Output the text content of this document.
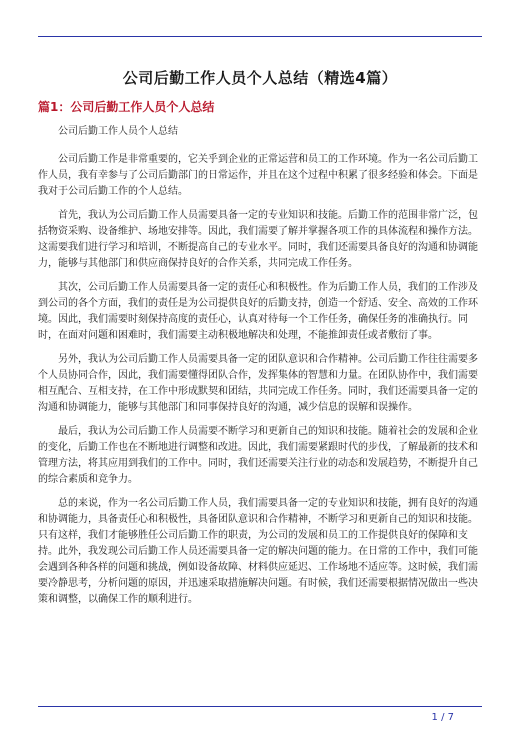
公司后勤工作人员个人总结（精选4篇）
篇1：公司后勤工作人员个人总结

公司后勤工作人员个人总结

公司后勤工作是非常重要的，它关乎到企业的正常运营和员工的工作环境。作为一名公司后勤工作人员，我有幸参与了公司后勤部门的日常运作，并且在这个过程中积累了很多经验和体会。下面是我对于公司后勤工作的个人总结。

首先，我认为公司后勤工作人员需要具备一定的专业知识和技能。后勤工作的范围非常广泛，包括物资采购、设备维护、场地安排等。因此，我们需要了解并掌握各项工作的具体流程和操作方法。这需要我们进行学习和培训，不断提高自己的专业水平。同时，我们还需要具备良好的沟通和协调能力，能够与其他部门和供应商保持良好的合作关系，共同完成工作任务。

其次，公司后勤工作人员需要具备一定的责任心和积极性。作为后勤工作人员，我们的工作涉及到公司的各个方面，我们的责任是为公司提供良好的后勤支持，创造一个舒适、安全、高效的工作环境。因此，我们需要时刻保持高度的责任心，认真对待每一个工作任务，确保任务的准确执行。同时，在面对问题和困难时，我们需要主动积极地解决和处理，不能推卸责任或者敷衍了事。

另外，我认为公司后勤工作人员需要具备一定的团队意识和合作精神。公司后勤工作往往需要多个人员协同合作，因此，我们需要懂得团队合作，发挥集体的智慧和力量。在团队协作中，我们需要相互配合、互相支持，在工作中形成默契和团结，共同完成工作任务。同时，我们还需要具备一定的沟通和协调能力，能够与其他部门和同事保持良好的沟通，减少信息的误解和误操作。

最后，我认为公司后勤工作人员需要不断学习和更新自己的知识和技能。随着社会的发展和企业的变化，后勤工作也在不断地进行调整和改进。因此，我们需要紧跟时代的步伐，了解最新的技术和管理方法，将其应用到我们的工作中。同时，我们还需要关注行业的动态和发展趋势，不断提升自己的综合素质和竞争力。

总的来说，作为一名公司后勤工作人员，我们需要具备一定的专业知识和技能，拥有良好的沟通和协调能力，具备责任心和积极性，具备团队意识和合作精神，不断学习和更新自己的知识和技能。只有这样，我们才能够胜任公司后勤工作的职责，为公司的发展和员工的工作提供良好的保障和支持。此外，我发现公司后勤工作人员还需要具备一定的解决问题的能力。在日常的工作中，我们可能会遇到各种各样的问题和挑战，例如设备故障、材料供应延迟、工作场地不适应等。这时候，我们需要冷静思考，分析问题的原因，并迅速采取措施解决问题。有时候，我们还需要根据情况做出一些决策和调整，以确保工作的顺利进行。

1 / 7
